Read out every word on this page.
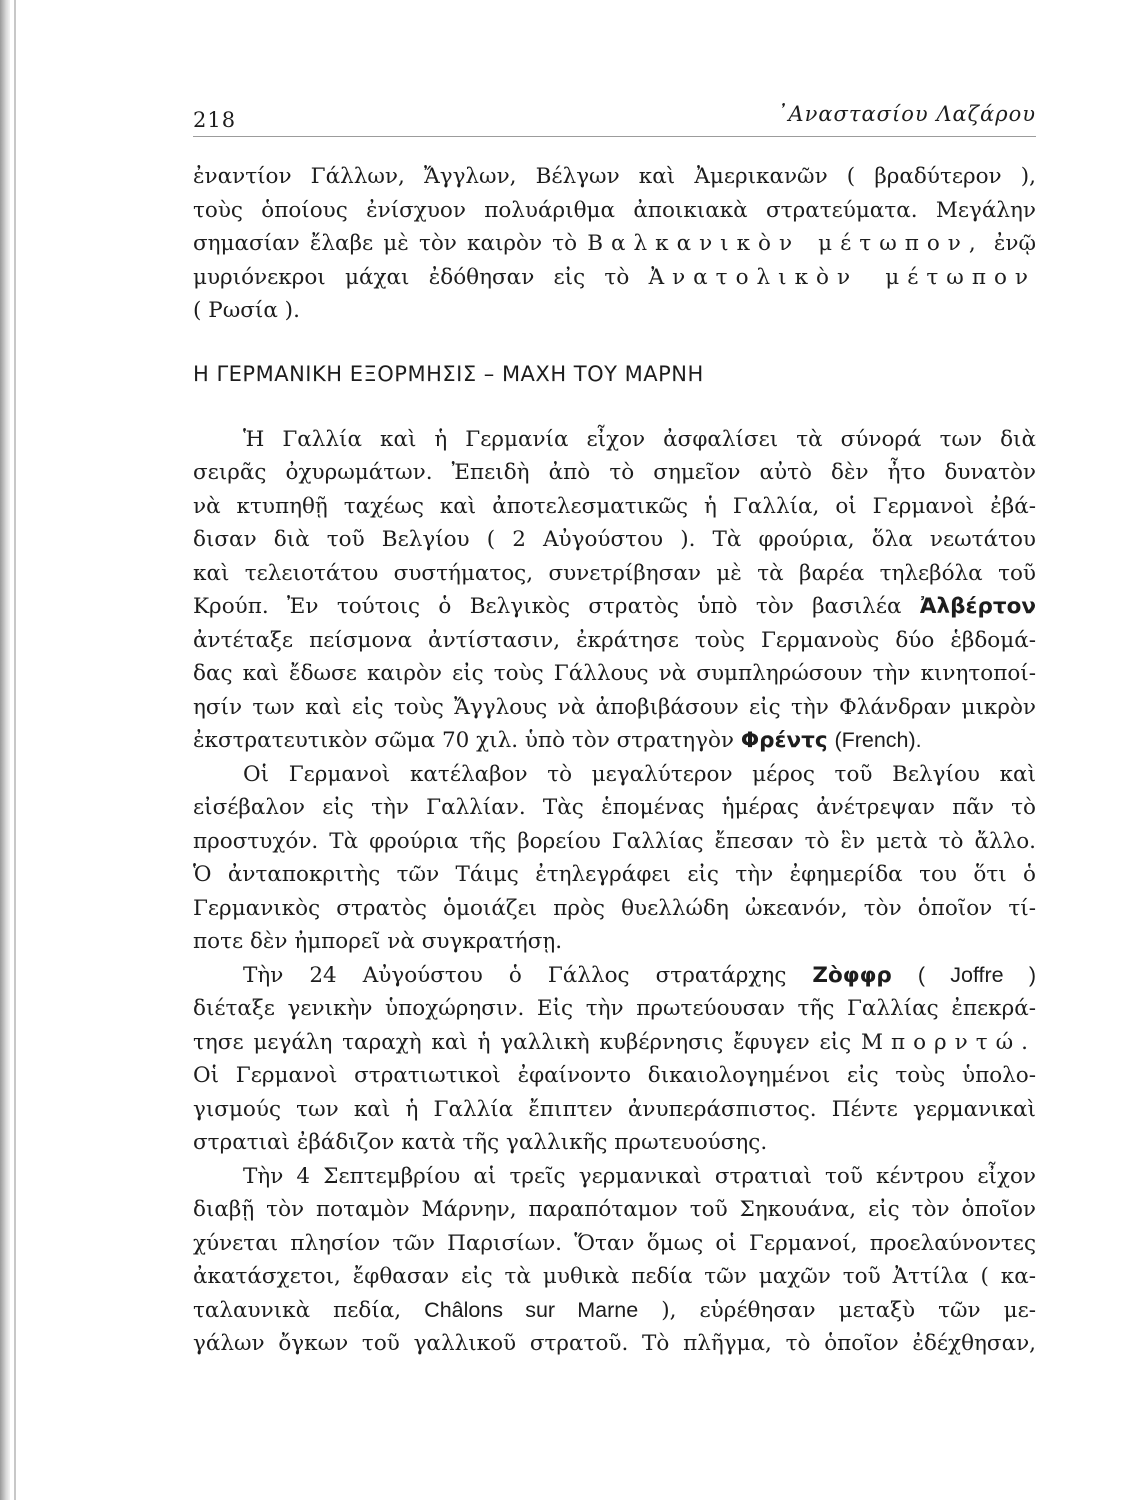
218	᾿Αναστασίου Λαζάρου
ἐναντίον Γάλλων, Ἄγγλων, Βέλγων καὶ Ἀμερικανῶν ( βραδύτερον ),
τοὺς ὁποίους ἐνίσχυον πολυάριθμα ἀποικιακὰ στρατεύματα. Μεγάλην
σημασίαν ἔλαβε μὲ τὸν καιρὸν τὸ Βαλκανικὸν μέτωπον, ἐνῷ
μυριόνεκροι μάχαι ἐδόθησαν εἰς τὸ Ἀνατολικὸν μέτωπον
( Ρωσία ).
Η ΓΕΡΜΑΝΙΚΗ ΕΞΟΡΜΗΣΙΣ – ΜΑΧΗ ΤΟΥ ΜΑΡΝΗ
Ἡ Γαλλία καὶ ἡ Γερμανία εἶχον ἀσφαλίσει τὰ σύνορά των διὰ
σειρᾶς ὀχυρωμάτων. Ἐπειδὴ ἀπὸ τὸ σημεῖον αὐτὸ δὲν ἦτο δυνατὸν
νὰ κτυπηθῇ ταχέως καὶ ἀποτελεσματικῶς ἡ Γαλλία, οἱ Γερμανοὶ ἐβά-
δισαν διὰ τοῦ Βελγίου ( 2 Αὐγούστου ). Τὰ φρούρια, ὅλα νεωτάτου
καὶ τελειοτάτου συστήματος, συνετρίβησαν μὲ τὰ βαρέα τηλεβόλα τοῦ
Κρούπ. Ἐν τούτοις ὁ Βελγικὸς στρατὸς ὑπὸ τὸν βασιλέα Ἀλβέρτον
ἀντέταξε πείσμονα ἀντίστασιν, ἐκράτησε τοὺς Γερμανοὺς δύο ἑβδομά-
δας καὶ ἔδωσε καιρὸν εἰς τοὺς Γάλλους νὰ συμπληρώσουν τὴν κινητοποί-
ησίν των καὶ εἰς τοὺς Ἄγγλους νὰ ἀποβιβάσουν εἰς τὴν Φλάνδραν μικρὸν
ἐκστρατευτικὸν σῶμα 70 χιλ. ὑπὸ τὸν στρατηγὸν Φρέντς (French).
Οἱ Γερμανοὶ κατέλαβον τὸ μεγαλύτερον μέρος τοῦ Βελγίου καὶ
εἰσέβαλον εἰς τὴν Γαλλίαν. Τὰς ἑπομένας ἡμέρας ἀνέτρεψαν πᾶν τὸ
προστυχόν. Τὰ φρούρια τῆς βορείου Γαλλίας ἔπεσαν τὸ ἓν μετὰ τὸ ἄλλο.
Ὁ ἀνταποκριτὴς τῶν Τάιμς ἐτηλεγράφει εἰς τὴν ἐφημερίδα του ὅτι ὁ
Γερμανικὸς στρατὸς ὁμοιάζει πρὸς θυελλώδη ὠκεανόν, τὸν ὁποῖον τί-
ποτε δὲν ἠμπορεῖ νὰ συγκρατήσῃ.
Τὴν 24 Αὐγούστου ὁ Γάλλος στρατάρχης Ζὸφφρ ( Joffre )
διέταξε γενικὴν ὑποχώρησιν. Εἰς τὴν πρωτεύουσαν τῆς Γαλλίας ἐπεκρά-
τησε μεγάλη ταραχὴ καὶ ἡ γαλλικὴ κυβέρνησις ἔφυγεν εἰς Μπορντώ.
Οἱ Γερμανοὶ στρατιωτικοὶ ἐφαίνοντο δικαιολογημένοι εἰς τοὺς ὑπολο-
γισμούς των καὶ ἡ Γαλλία ἔπιπτεν ἀνυπεράσπιστος. Πέντε γερμανικαὶ
στρατιαὶ ἐβάδιζον κατὰ τῆς γαλλικῆς πρωτευούσης.
Τὴν 4 Σεπτεμβρίου αἱ τρεῖς γερμανικαὶ στρατιαὶ τοῦ κέντρου εἶχον
διαβῇ τὸν ποταμὸν Μάρνην, παραπόταμον τοῦ Σηκουάνα, εἰς τὸν ὁποῖον
χύνεται πλησίον τῶν Παρισίων. Ὅταν ὅμως οἱ Γερμανοί, προελαύνοντες
ἀκατάσχετοι, ἔφθασαν εἰς τὰ μυθικὰ πεδία τῶν μαχῶν τοῦ Ἀττίλα ( κα-
ταλαυνικὰ πεδία, Châlons sur Marne ), εὑρέθησαν μεταξὺ τῶν με-
γάλων ὄγκων τοῦ γαλλικοῦ στρατοῦ. Τὸ πλῆγμα, τὸ ὁποῖον ἐδέχθησαν,
